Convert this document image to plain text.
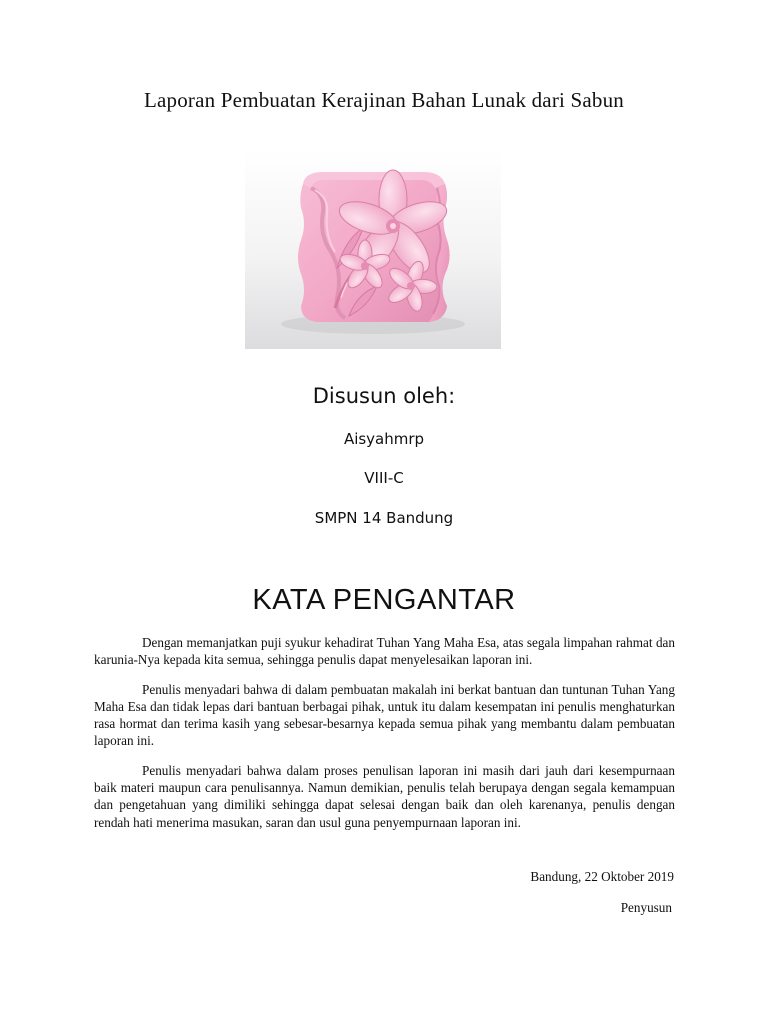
Laporan Pembuatan Kerajinan Bahan Lunak dari Sabun
Disusun oleh:
Aisyahmrp
VIII-C
SMPN 14 Bandung
KATA PENGANTAR

Dengan memanjatkan puji syukur kehadirat Tuhan Yang Maha Esa, atas segala limpahan rahmat dan karunia-Nya kepada kita semua, sehingga penulis dapat menyelesaikan laporan ini.

Penulis menyadari bahwa di dalam pembuatan makalah ini berkat bantuan dan tuntunan Tuhan Yang Maha Esa dan tidak lepas dari bantuan berbagai pihak, untuk itu dalam kesempatan ini penulis menghaturkan rasa hormat dan terima kasih yang sebesar-besarnya kepada semua pihak yang membantu dalam pembuatan laporan ini.

Penulis menyadari bahwa dalam proses penulisan laporan ini masih dari jauh dari kesempurnaan baik materi maupun cara penulisannya. Namun demikian, penulis telah berupaya dengan segala kemampuan dan pengetahuan yang dimiliki sehingga dapat selesai dengan baik dan oleh karenanya, penulis dengan rendah hati menerima masukan, saran dan usul guna penyempurnaan laporan ini.

Bandung, 22 Oktober 2019
Penyusun
